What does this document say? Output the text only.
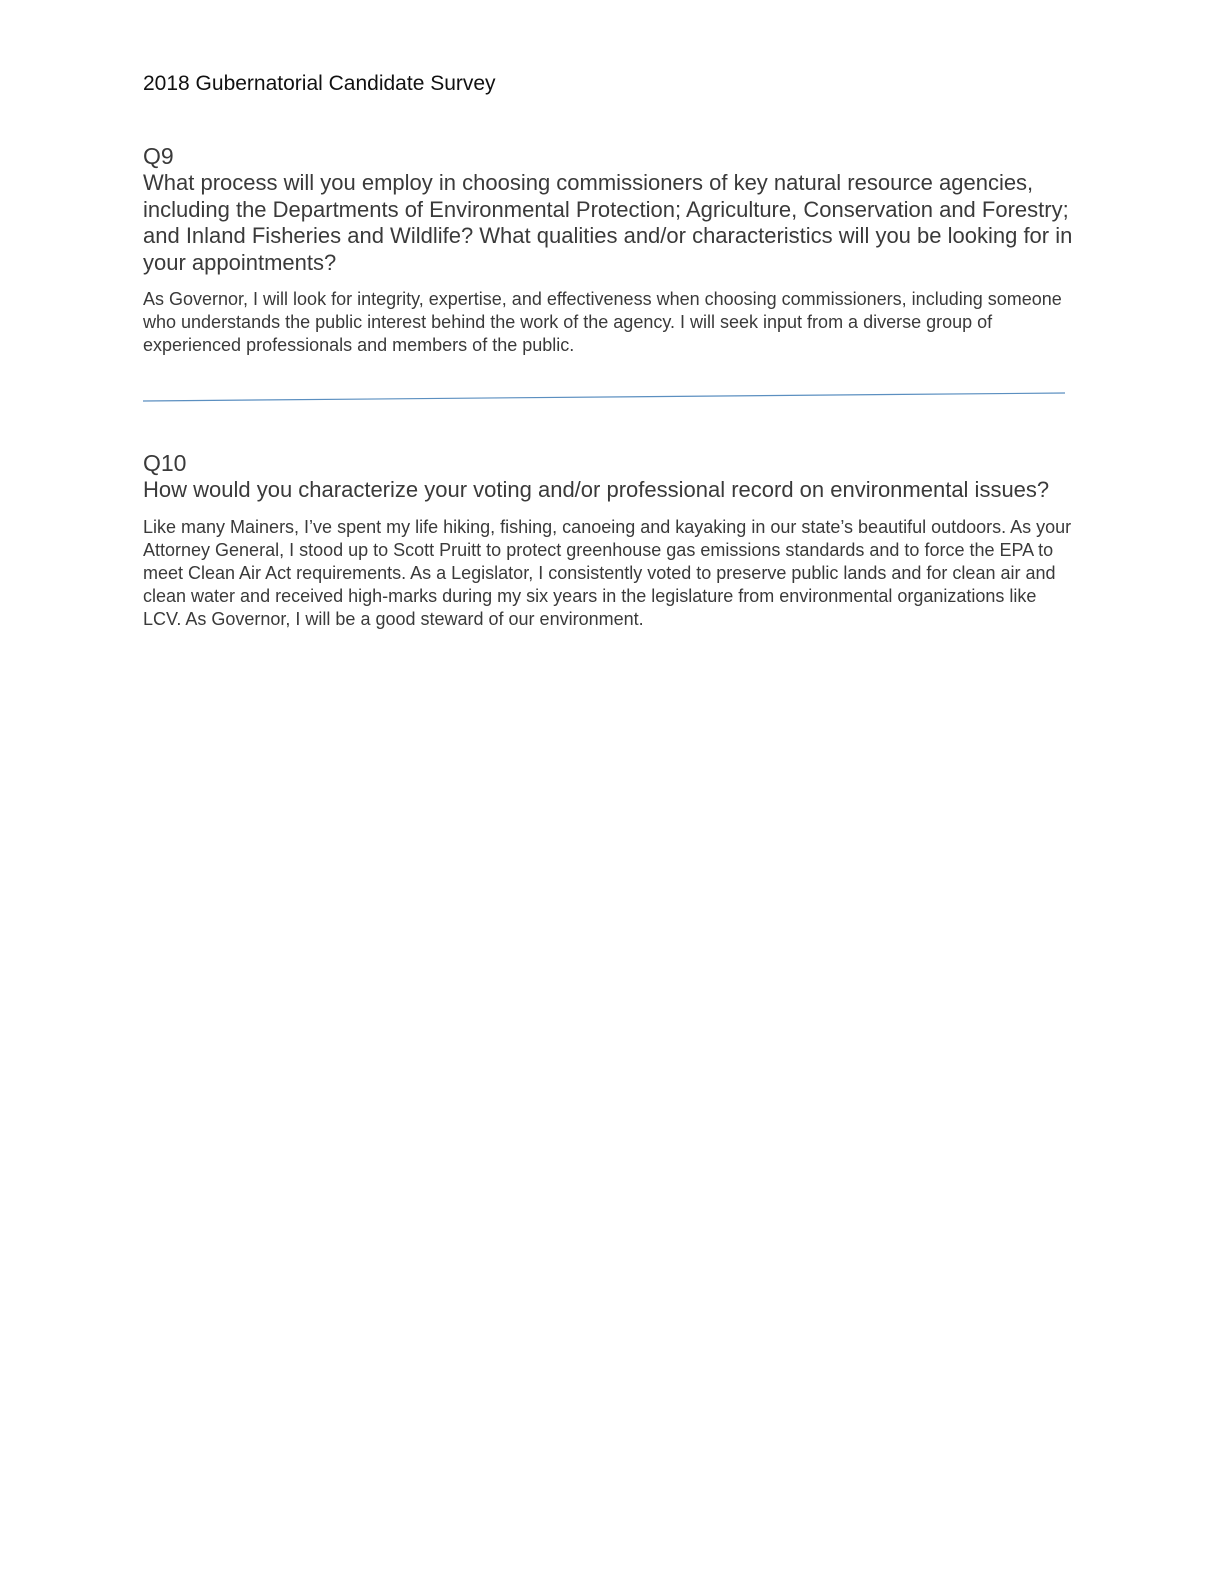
2018 Gubernatorial Candidate Survey
Q9
What process will you employ in choosing commissioners of key natural resource agencies, including the Departments of Environmental Protection; Agriculture, Conservation and Forestry; and Inland Fisheries and Wildlife? What qualities and/or characteristics will you be looking for in your appointments?
As Governor, I will look for integrity, expertise, and effectiveness when choosing commissioners, including someone who understands the public interest behind the work of the agency. I will seek input from a diverse group of experienced professionals and members of the public.
Q10
How would you characterize your voting and/or professional record on environmental issues?
Like many Mainers, I’ve spent my life hiking, fishing, canoeing and kayaking in our state’s beautiful outdoors. As your Attorney General, I stood up to Scott Pruitt to protect greenhouse gas emissions standards and to force the EPA to meet Clean Air Act requirements. As a Legislator, I consistently voted to preserve public lands and for clean air and clean water and received high-marks during my six years in the legislature from environmental organizations like LCV. As Governor, I will be a good steward of our environment.
